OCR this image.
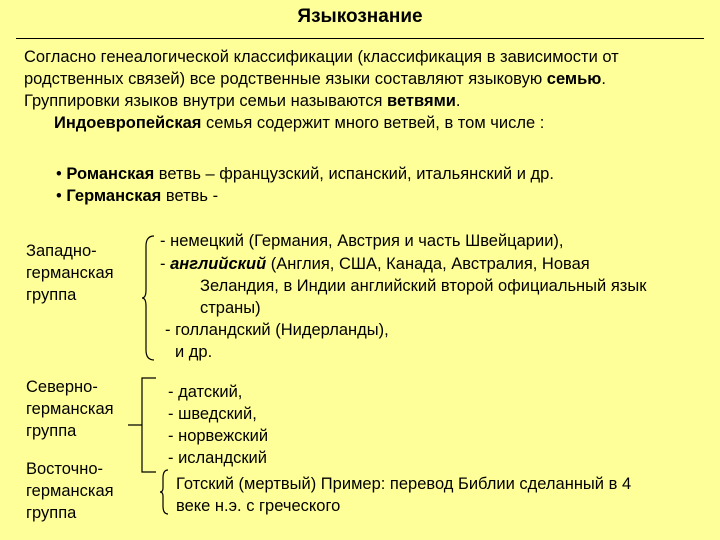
Языкознание
Согласно генеалогической классификации (классификация в зависимости от
родственных связей) все родственные языки составляют языковую семью.
Группировки языков внутри семьи называются ветвями.
Индоевропейская семья содержит много ветвей, в том числе :
• Романская ветвь – французский, испанский, итальянский и др.
• Германская ветвь -
Западно-
германская
группа
- немецкий (Германия, Австрия и часть Швейцарии),
- английский (Англия, США, Канада, Австралия, Новая
Зеландия, в Индии английский второй официальный язык
страны)
- голландский (Нидерланды),
и др.
Северно-
германская
группа
- датский,
- шведский,
- норвежский
- исландский
Восточно-
германская
группа
Готский (мертвый) Пример: перевод Библии сделанный в 4
веке н.э. с греческого
